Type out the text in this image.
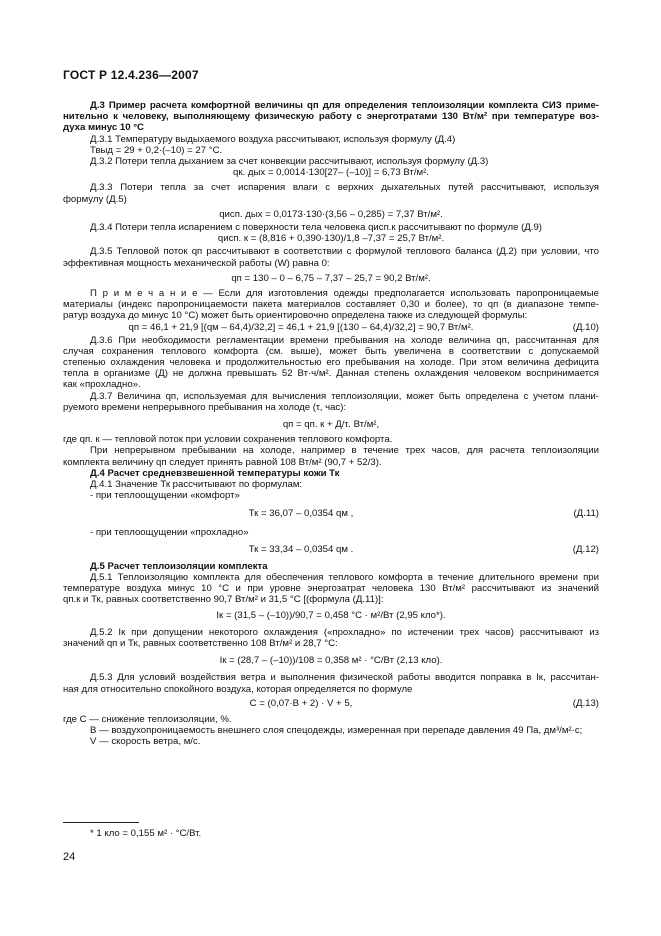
ГОСТ Р 12.4.236—2007
Д.3 Пример расчета комфортной величины qп для определения теплоизоляции комплекта СИЗ приме-
нительно к человеку, выполняющему физическую работу с энерготратами 130 Вт/м² при температуре воз-
духа минус 10 °С
Д.3.1 Температуру выдыхаемого воздуха рассчитывают, используя формулу (Д.4)
Твыд = 29 + 0,2·(–10) = 27 °С.
Д.3.2 Потери тепла дыханием за счет конвекции рассчитывают, используя формулу (Д.3)
qк. дых = 0,0014·130[27– (–10)] = 6,73 Вт/м².
Д.3.3 Потери тепла за счет испарения влаги с верхних дыхательных путей рассчитывают, используя
формулу (Д.5)
qисп. дых = 0,0173·130·(3,56 – 0,285) = 7,37 Вт/м².
Д.3.4 Потери тепла испарением с поверхности тела человека qисп.к рассчитывают по формуле (Д.9)
qисп. к = (8,816 + 0,390·130)/1,8 –7,37 = 25,7 Вт/м².
Д.3.5 Тепловой поток qп рассчитывают в соответствии с формулой теплового баланса (Д.2) при условии, что
эффективная мощность механической работы (W) равна 0:
qп = 130 – 0 – 6,75 – 7,37 – 25,7 = 90,2 Вт/м².
П р и м е ч а н и е — Если для изготовления одежды предполагается использовать паропроницаемые
материалы (индекс паропроницаемости пакета материалов составляет 0,30 и более), то qп (в диапазоне темпе-
ратур воздуха до минус 10 °С) может быть ориентировочно определена также из следующей формулы:
qп = 46,1 + 21,9 [(qм – 64,4)/32,2] = 46,1 + 21,9 [(130 – 64,4)/32,2] = 90,7 Вт/м².	(Д.10)
Д.3.6 При необходимости регламентации времени пребывания на холоде величина qп, рассчитанная для
случая сохранения теплового комфорта (см. выше), может быть увеличена в соответствии с допускаемой
степенью охлаждения человека и продолжительностью его пребывания на холоде. При этом величина дефицита
тепла в организме (Д) не должна превышать 52 Вт·ч/м². Данная степень охлаждения человеком воспринимается
как «прохладно».
Д.3.7 Величина qп, используемая для вычисления теплоизоляции, может быть определена с учетом плани-
руемого времени непрерывного пребывания на холоде (τ, час):
qп = qп. к + Д/τ. Вт/м²,
где qп. к — тепловой поток при условии сохранения теплового комфорта.
При непрерывном пребывании на холоде, например в течение трех часов, для расчета теплоизоляции
комплекта величину qп следует принять равной 108 Вт/м² (90,7 + 52/3).
Д.4 Расчет средневзвешенной температуры кожи Тк
Д.4.1 Значение Тк рассчитывают по формулам:
- при теплоощущении «комфорт»
Тк = 36,07 – 0,0354 qм ,	(Д.11)
- при теплоощущении «прохладно»
Тк = 33,34 – 0,0354 qм .	(Д.12)
Д.5 Расчет теплоизоляции комплекта
Д.5.1 Теплоизоляцию комплекта для обеспечения теплового комфорта в течение длительного времени при
температуре воздуха минус 10 °С и при уровне энергозатрат человека 130 Вт/м² рассчитывают из значений
qп.к и Тк, равных соответственно 90,7 Вт/м² и 31,5 °С [(формула (Д.11)]:
Iк = (31,5 – (–10))/90,7 = 0,458 °С · м²/Вт (2,95 кло*).
Д.5.2 Iк при допущении некоторого охлаждения («прохладно» по истечении трех часов) рассчитывают из
значений qп и Тк, равных соответственно 108 Вт/м² и 28,7 °С:
Iк = (28,7 – (–10))/108 = 0,358 м² · °С/Вт (2,13 кло).
Д.5.3 Для условий воздействия ветра и выполнения физической работы вводится поправка в Iк, рассчитан-
ная для относительно спокойного воздуха, которая определяется по формуле
С = (0,07·В + 2) · V + 5,	(Д.13)
где С — снижение теплоизоляции, %.
В — воздухопроницаемость внешнего слоя спецодежды, измеренная при перепаде давления 49 Па, дм³/м²·с;
V — скорость ветра, м/с.
* 1 кло = 0,155 м² · °С/Вт.
24
